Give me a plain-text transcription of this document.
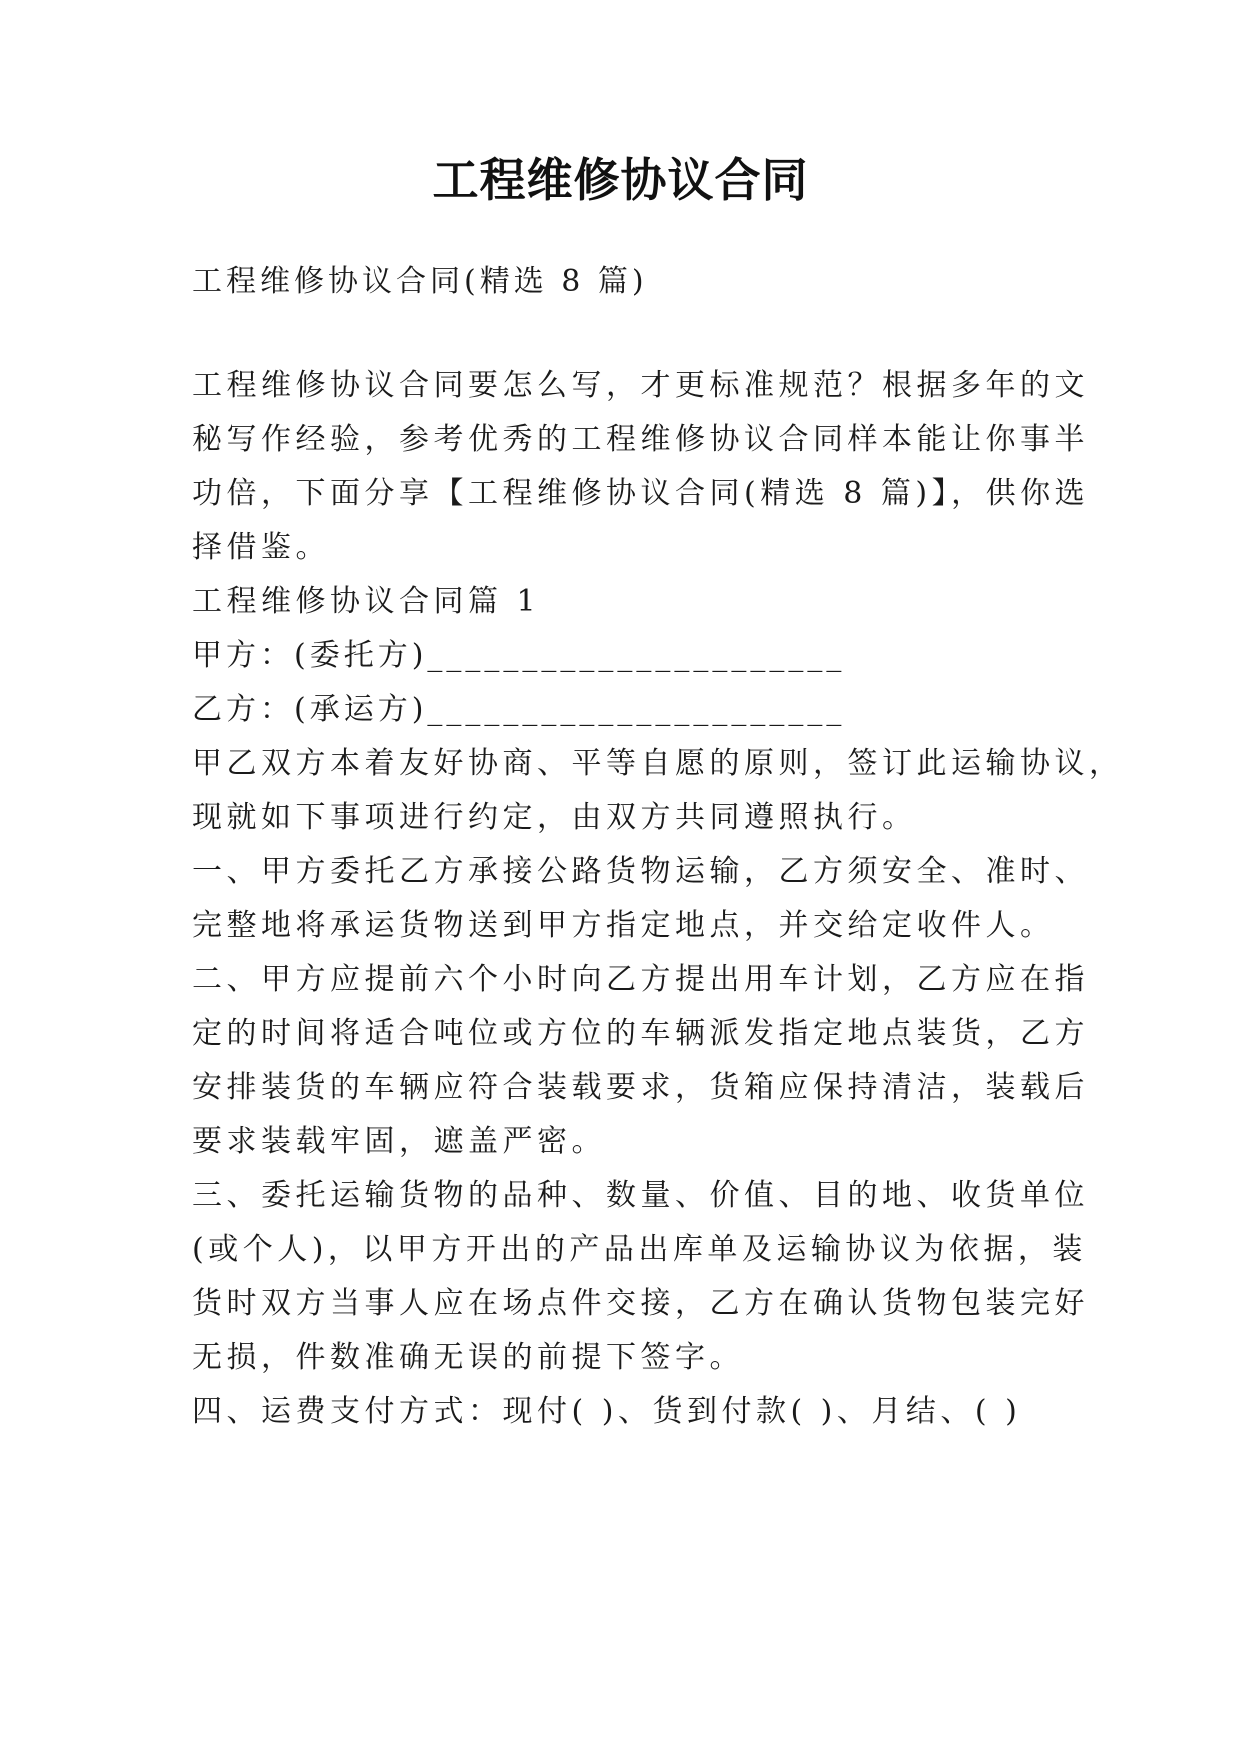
工程维修协议合同
工程维修协议合同(精选 8 篇)
工程维修协议合同要怎么写，才更标准规范？根据多年的文
秘写作经验，参考优秀的工程维修协议合同样本能让你事半
功倍，下面分享【工程维修协议合同(精选 8 篇)】，供你选
择借鉴。
工程维修协议合同篇 1
甲方：(委托方)______________________
乙方：(承运方)______________________
甲乙双方本着友好协商、平等自愿的原则，签订此运输协议，
现就如下事项进行约定，由双方共同遵照执行。
一、甲方委托乙方承接公路货物运输，乙方须安全、准时、
完整地将承运货物送到甲方指定地点，并交给定收件人。
二、甲方应提前六个小时向乙方提出用车计划，乙方应在指
定的时间将适合吨位或方位的车辆派发指定地点装货，乙方
安排装货的车辆应符合装载要求，货箱应保持清洁，装载后
要求装载牢固，遮盖严密。
三、委托运输货物的品种、数量、价值、目的地、收货单位
(或个人)，以甲方开出的产品出库单及运输协议为依据，装
货时双方当事人应在场点件交接，乙方在确认货物包装完好
无损，件数准确无误的前提下签字。
四、运费支付方式：现付( )、货到付款( )、月结、( )
